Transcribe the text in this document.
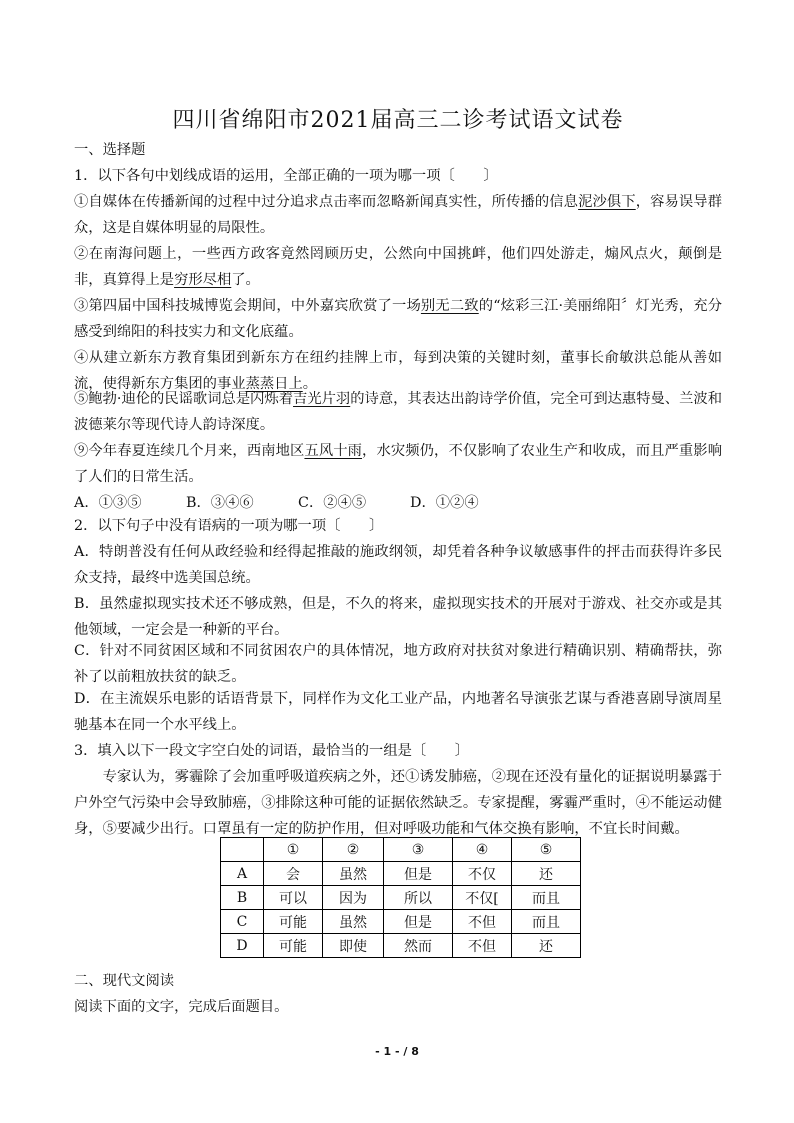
四川省绵阳市2021届高三二诊考试语文试卷
一、选择题
1．以下各句中划线成语的运用，全部正确的一项为哪一项〔　　〕
①自媒体在传播新闻的过程中过分追求点击率而忽略新闻真实性，所传播的信息泥沙俱下，容易误导群众，这是自媒体明显的局限性。
②在南海问题上，一些西方政客竟然罔顾历史，公然向中国挑衅，他们四处游走，煽风点火，颠倒是非，真算得上是穷形尽相了。
③第四届中国科技城博览会期间，中外嘉宾欣赏了一场别无二致的“炫彩三江·美丽绵阳〞灯光秀，充分感受到绵阳的科技实力和文化底蕴。
④从建立新东方教育集团到新东方在纽约挂牌上市，每到决策的关键时刻，董事长俞敏洪总能从善如流，使得新东方集团的事业蒸蒸日上。
⑤鲍勃·迪伦的民谣歌词总是闪烁着吉光片羽的诗意，其表达出韵诗学价值，完全可到达惠特曼、兰波和波德莱尔等现代诗人韵诗深度。
⑨今年春夏连续几个月来，西南地区五风十雨，水灾频仍，不仅影响了农业生产和收成，而且严重影响了人们的日常生活。
A．①③⑤	B．③④⑥	C．②④⑤	D．①②④
2．以下句子中没有语病的一项为哪一项〔　　〕
A．特朗普没有任何从政经验和经得起推敲的施政纲领，却凭着各种争议敏感事件的抨击而获得许多民众支持，最终中选美国总统。
B．虽然虚拟现实技术还不够成熟，但是，不久的将来，虚拟现实技术的开展对于游戏、社交亦或是其他领域，一定会是一种新的平台。
C．针对不同贫困区域和不同贫困农户的具体情况，地方政府对扶贫对象进行精确识别、精确帮扶，弥补了以前粗放扶贫的缺乏。
D．在主流娱乐电影的话语背景下，同样作为文化工业产品，内地著名导演张艺谋与香港喜剧导演周星驰基本在同一个水平线上。
3．填入以下一段文字空白处的词语，最恰当的一组是〔　　〕
专家认为，雾霾除了会加重呼吸道疾病之外，还①诱发肺癌，②现在还没有量化的证据说明暴露于户外空气污染中会导致肺癌，③排除这种可能的证据依然缺乏。专家提醒，雾霾严重时，④不能运动健身，⑤要减少出行。口罩虽有一定的防护作用，但对呼吸功能和气体交换有影响，不宜长时间戴。
	①	②	③	④	⑤
A	会	虽然	但是	不仅	还
B	可以	因为	所以	不仅[	而且
C	可能	虽然	但是	不但	而且
D	可能	即使	然而	不但	还
二、现代文阅读
阅读下面的文字，完成后面题目。
- 1 - / 8
